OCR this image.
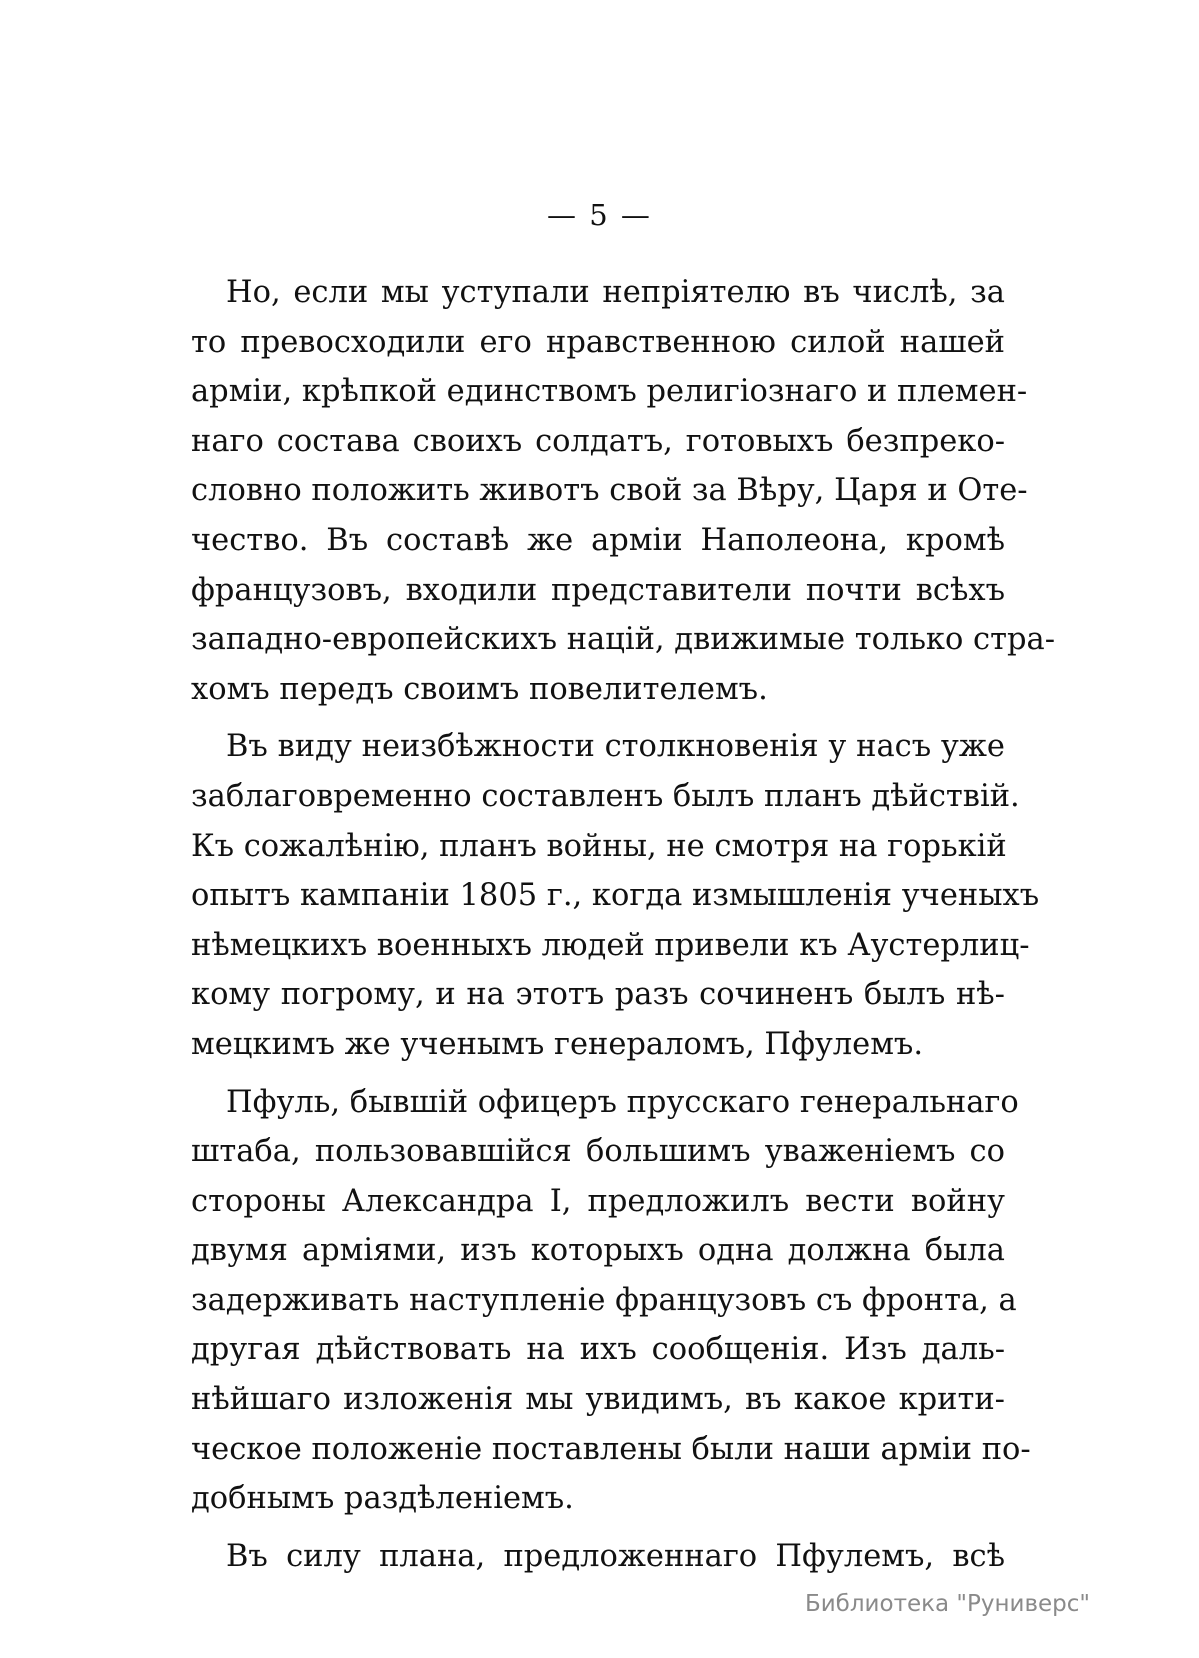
— 5 —
Но, если мы уступали непріятелю въ числѣ, за
то превосходили его нравственною силой нашей
арміи, крѣпкой единствомъ религіознаго и племен-
наго состава своихъ солдатъ, готовыхъ безпреко-
словно положить животъ свой за Вѣру, Царя и Оте-
чество. Въ составѣ же арміи Наполеона, кромѣ
французовъ, входили представители почти всѣхъ
западно-европейскихъ націй, движимые только стра-
хомъ передъ своимъ повелителемъ.
Въ виду неизбѣжности столкновенія у насъ уже
заблаговременно составленъ былъ планъ дѣйствій.
Къ сожалѣнію, планъ войны, не смотря на горькій
опытъ кампаніи 1805 г., когда измышленія ученыхъ
нѣмецкихъ военныхъ людей привели къ Аустерлиц-
кому погрому, и на этотъ разъ сочиненъ былъ нѣ-
мецкимъ же ученымъ генераломъ, Пфулемъ.
Пфуль, бывшій офицеръ прусскаго генеральнаго
штаба, пользовавшійся большимъ уваженіемъ со
стороны Александра I, предложилъ вести войну
двумя арміями, изъ которыхъ одна должна была
задерживать наступленіе французовъ съ фронта, а
другая дѣйствовать на ихъ сообщенія. Изъ даль-
нѣйшаго изложенія мы увидимъ, въ какое крити-
ческое положеніе поставлены были наши арміи по-
добнымъ раздѣленіемъ.
Въ силу плана, предложеннаго Пфулемъ, всѣ
Библиотека "Руниверс"
